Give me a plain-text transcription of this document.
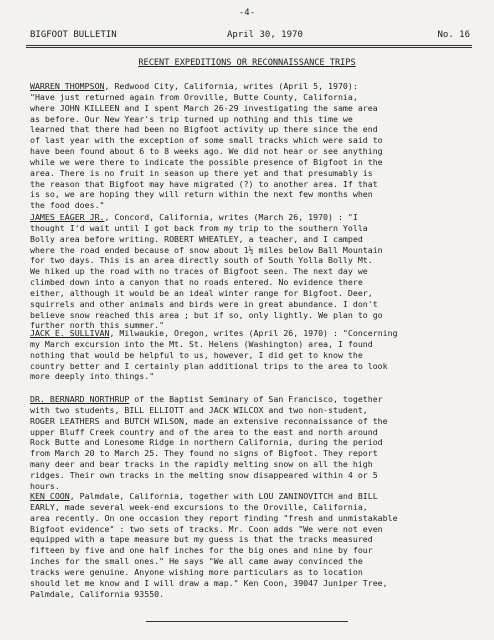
-4-
BIGFOOT BULLETIN	April 30, 1970	No. 16
RECENT EXPEDITIONS OR RECONNAISSANCE TRIPS
WARREN THOMPSON, Redwood City, California, writes (April 5, 1970):
"Have just returned again from Oroville, Butte County, California,
where JOHN KILLEEN and I spent March 26-29 investigating the same area
as before. Our New Year's trip turned up nothing and this time we
learned that there had been no Bigfoot activity up there since the end
of last year with the exception of some small tracks which were said to
have been found about 6 to 8 weeks ago. We did not hear or see anything
while we were there to indicate the possible presence of Bigfoot in the
area. There is no fruit in season up there yet and that presumably is
the reason that Bigfoot may have migrated (?) to another area. If that
is so, we are hoping they will return within the next few months when
the food does."
JAMES EAGER JR., Concord, California, writes (March 26, 1970) : "I
thought I'd wait until I got back from my trip to the southern Yolla
Bolly area before writing. ROBERT WHEATLEY, a teacher, and I camped
where the road ended because of snow about 1½ miles below Ball Mountain
for two days. This is an area directly south of South Yolla Bolly Mt.
We hiked up the road with no traces of Bigfoot seen. The next day we
climbed down into a canyon that no roads entered. No evidence there
either, although it would be an ideal winter range for Bigfoot. Deer,
squirrels and other animals and birds were in great abundance. I don't
believe snow reached this area ; but if so, only lightly. We plan to go
further north this summer."
JACK E. SULLIVAN, Milwaukie, Oregon, writes (April 26, 1970) : "Concerning
my March excursion into the Mt. St. Helens (Washington) area, I found
nothing that would be helpful to us, however, I did get to know the
country better and I certainly plan additional trips to the area to look
more deeply into things."
DR. BERNARD NORTHRUP of the Baptist Seminary of San Francisco, together
with two students, BILL ELLIOTT and JACK WILCOX and two non-student,
ROGER LEATHERS and BUTCH WILSON, made an extensive reconnaissance of the
upper Bluff Creek country and of the area to the east and north around
Rock Butte and Lonesome Ridge in northern California, during the period
from March 20 to March 25. They found no signs of Bigfoot. They report
many deer and bear tracks in the rapidly melting snow on all the high
ridges. Their own tracks in the melting snow disappeared within 4 or 5
hours.
KEN COON, Palmdale, California, together with LOU ZANINOVITCH and BILL
EARLY, made several week-end excursions to the Oroville, California,
area recently. On one occasion they report finding "fresh and unmistakable
Bigfoot evidence" : two sets of tracks. Mr. Coon adds "We were not even
equipped with a tape measure but my guess is that the tracks measured
fifteen by five and one half inches for the big ones and nine by four
inches for the small ones." He says "We all came away convinced the
tracks were genuine. Anyone wishing more particulars as to location
should let me know and I will draw a map." Ken Coon, 39047 Juniper Tree,
Palmdale, California 93550.
